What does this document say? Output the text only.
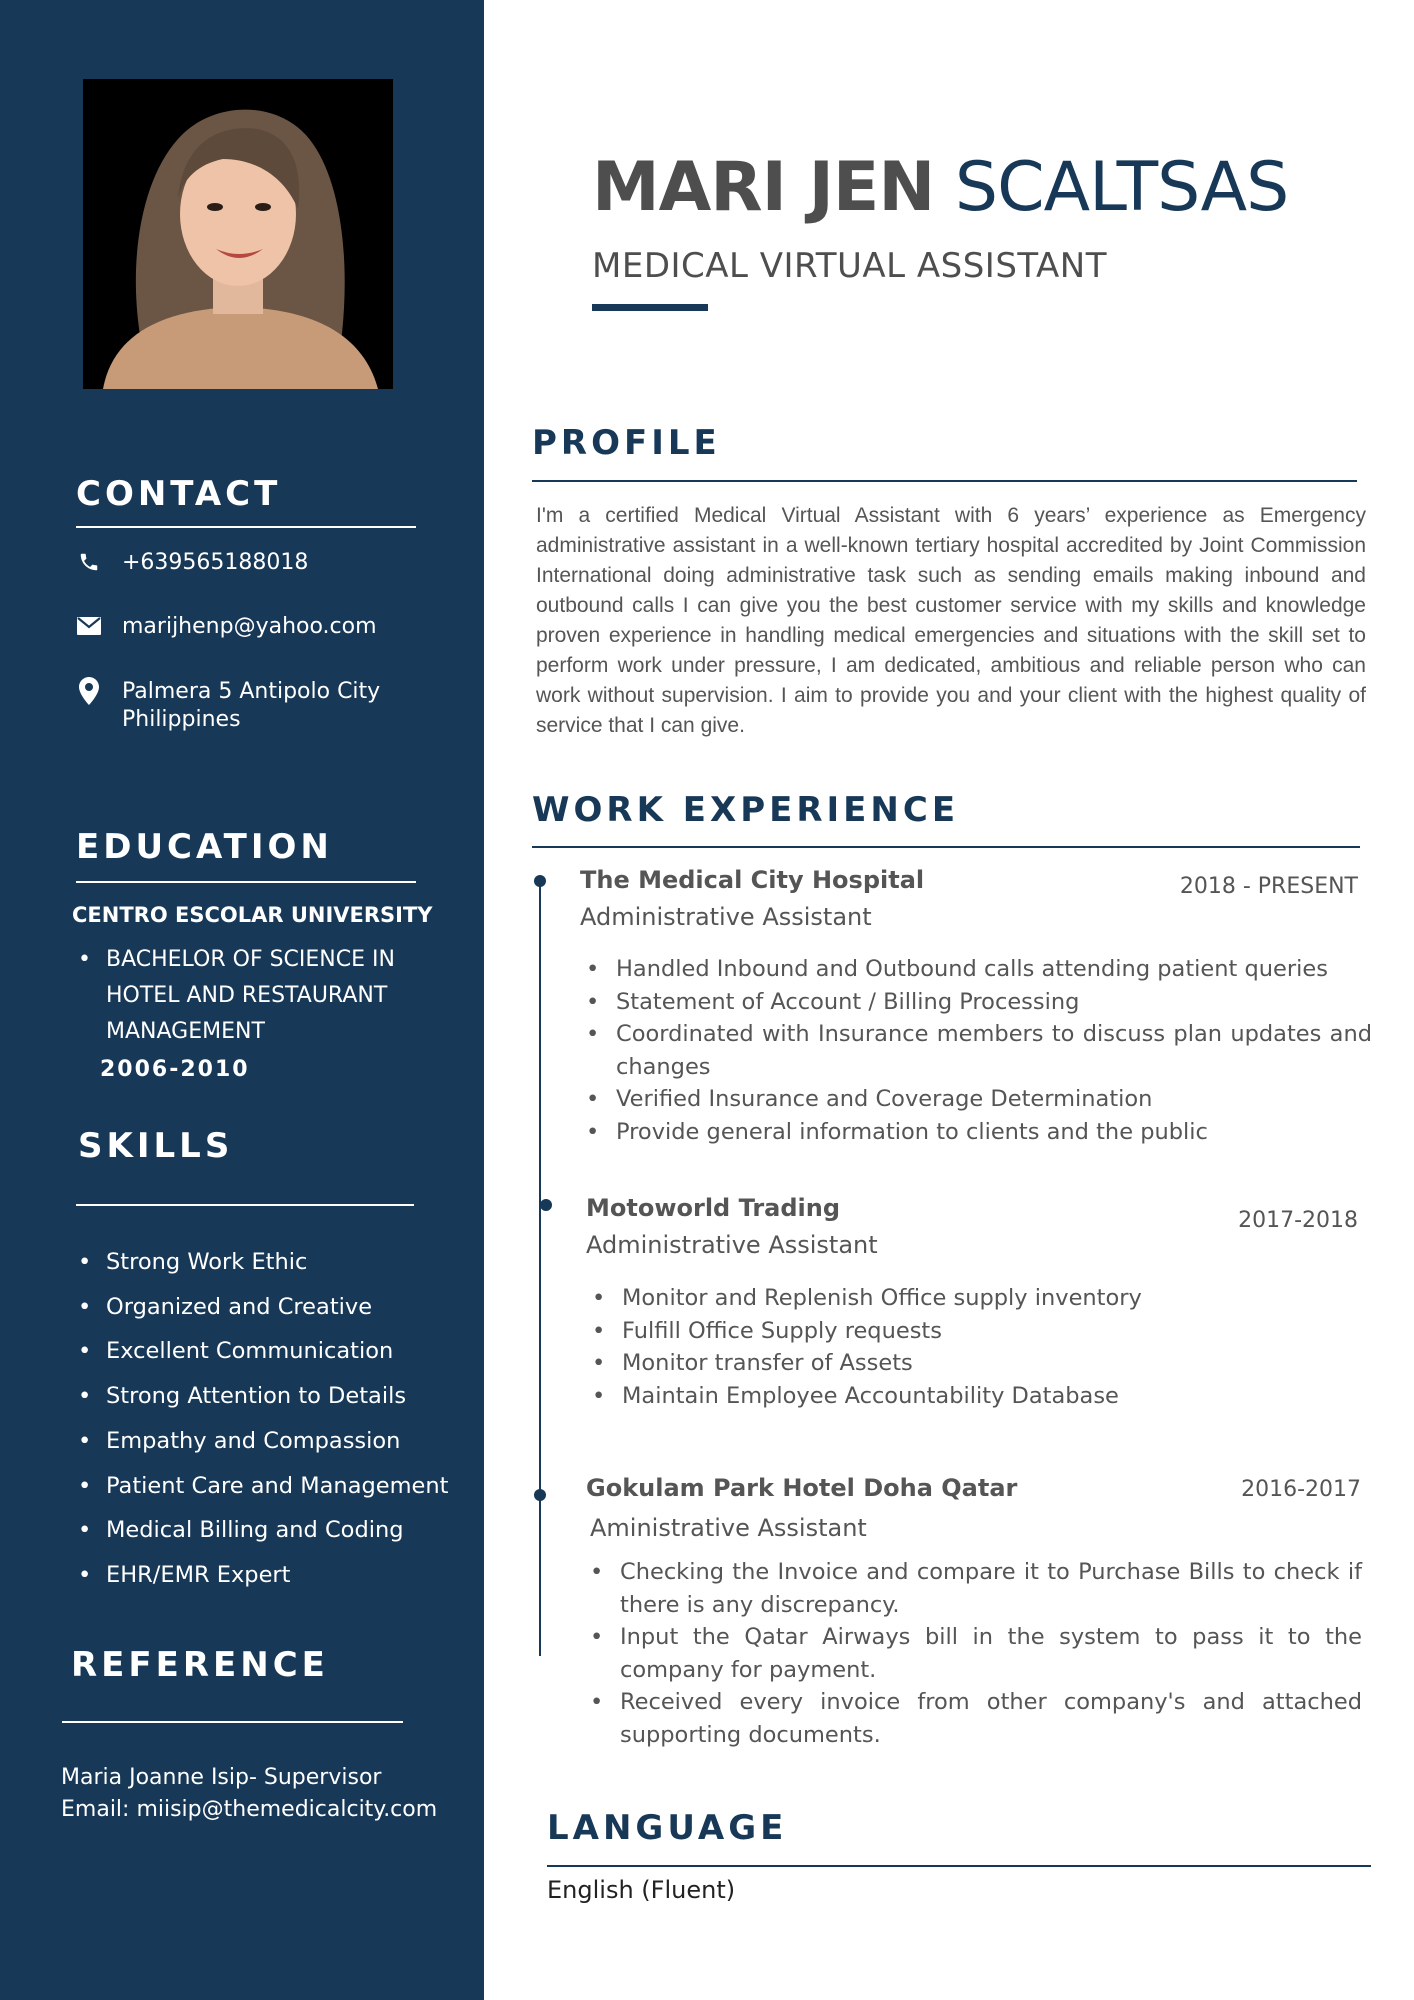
CONTACT
+639565188018
marijhenp@yahoo.com
Palmera 5 Antipolo City
Philippines
EDUCATION
CENTRO ESCOLAR UNIVERSITY
• BACHELOR OF SCIENCE IN HOTEL AND RESTAURANT MANAGEMENT
2006-2010
SKILLS
• Strong Work Ethic
• Organized and Creative
• Excellent Communication
• Strong Attention to Details
• Empathy and Compassion
• Patient Care and Management
• Medical Billing and Coding
• EHR/EMR Expert
REFERENCE
Maria Joanne Isip- Supervisor
Email: miisip@themedicalcity.com
MARI JEN SCALTSAS
MEDICAL VIRTUAL ASSISTANT
PROFILE
I'm a certified Medical Virtual Assistant with 6 years’ experience as Emergency administrative assistant in a well-known tertiary hospital accredited by Joint Commission International doing administrative task such as sending emails making inbound and outbound calls I can give you the best customer service with my skills and knowledge proven experience in handling medical emergencies and situations with the skill set to perform work under pressure, I am dedicated, ambitious and reliable person who can work without supervision. I aim to provide you and your client with the highest quality of service that I can give.
WORK EXPERIENCE
The Medical City Hospital
Administrative Assistant
2018 - PRESENT
• Handled Inbound and Outbound calls attending patient queries
• Statement of Account / Billing Processing
• Coordinated with Insurance members to discuss plan updates and changes
• Verified Insurance and Coverage Determination
• Provide general information to clients and the public
Motoworld Trading
Administrative Assistant
2017-2018
• Monitor and Replenish Office supply inventory
• Fulfill Office Supply requests
• Monitor transfer of Assets
• Maintain Employee Accountability Database
Gokulam Park Hotel Doha Qatar
Aministrative Assistant
2016-2017
• Checking the Invoice and compare it to Purchase Bills to check if there is any discrepancy.
• Input the Qatar Airways bill in the system to pass it to the company for payment.
• Received every invoice from other company's and attached supporting documents.
LANGUAGE
English (Fluent)
